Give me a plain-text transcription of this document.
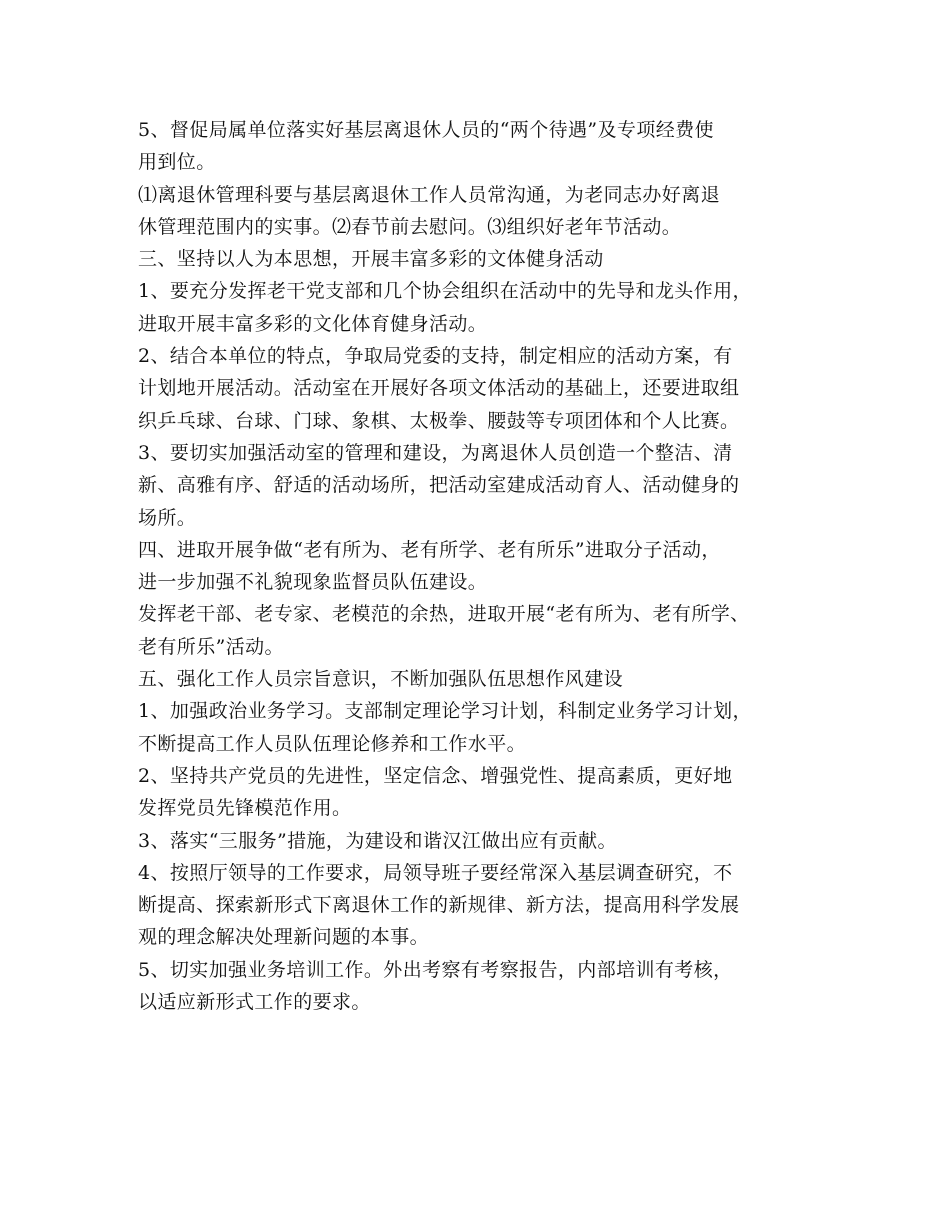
5、督促局属单位落实好基层离退休人员的“两个待遇”及专项经费使
用到位。
⑴离退休管理科要与基层离退休工作人员常沟通，为老同志办好离退
休管理范围内的实事。⑵春节前去慰问。⑶组织好老年节活动。
三、坚持以人为本思想，开展丰富多彩的文体健身活动
1、要充分发挥老干党支部和几个协会组织在活动中的先导和龙头作用，
进取开展丰富多彩的文化体育健身活动。
2、结合本单位的特点，争取局党委的支持，制定相应的活动方案，有
计划地开展活动。活动室在开展好各项文体活动的基础上，还要进取组
织乒乓球、台球、门球、象棋、太极拳、腰鼓等专项团体和个人比赛。
3、要切实加强活动室的管理和建设，为离退休人员创造一个整洁、清
新、高雅有序、舒适的活动场所，把活动室建成活动育人、活动健身的
场所。
四、进取开展争做“老有所为、老有所学、老有所乐”进取分子活动，
进一步加强不礼貌现象监督员队伍建设。
发挥老干部、老专家、老模范的余热，进取开展“老有所为、老有所学、
老有所乐”活动。
五、强化工作人员宗旨意识，不断加强队伍思想作风建设
1、加强政治业务学习。支部制定理论学习计划，科制定业务学习计划，
不断提高工作人员队伍理论修养和工作水平。
2、坚持共产党员的先进性，坚定信念、增强党性、提高素质，更好地
发挥党员先锋模范作用。
3、落实“三服务”措施，为建设和谐汉江做出应有贡献。
4、按照厅领导的工作要求，局领导班子要经常深入基层调查研究，不
断提高、探索新形式下离退休工作的新规律、新方法，提高用科学发展
观的理念解决处理新问题的本事。
5、切实加强业务培训工作。外出考察有考察报告，内部培训有考核，
以适应新形式工作的要求。
